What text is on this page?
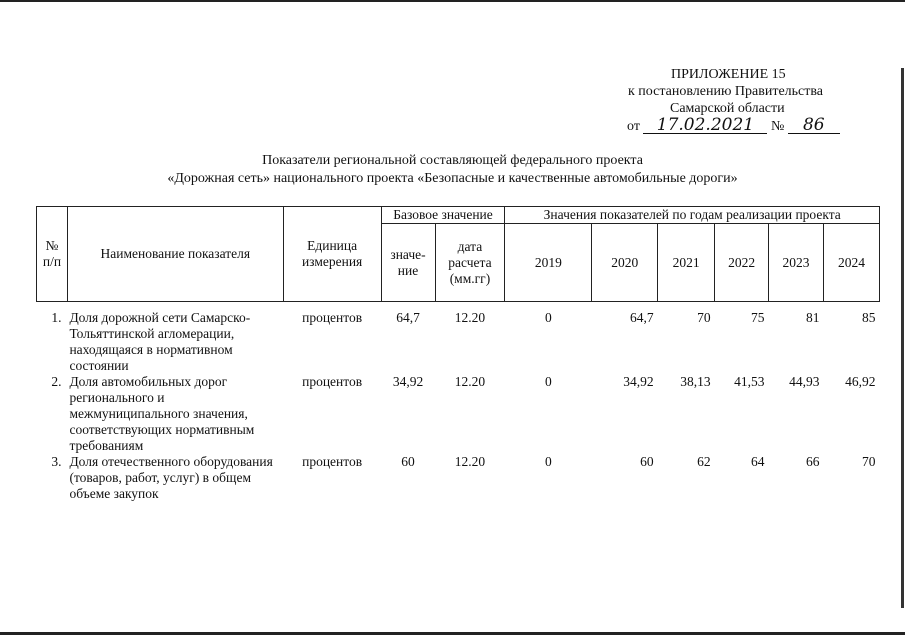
ПРИЛОЖЕНИЕ 15
к постановлению Правительства
Самарской области
от 17.02.2021 № 86
Показатели региональной составляющей федерального проекта
«Дорожная сеть» национального проекта «Безопасные и качественные автомобильные дороги»
№ п/п	Наименование показателя	Единица измерения	Базовое значение		Значения показателей по годам реализации проекта					
					2019	2020	2021	2022	2023	2024
			значе-ние	дата расчета (мм.гг)						
1.	Доля дорожной сети Самарско-Тольяттинской агломерации, находящаяся в нормативном состоянии	процентов	64,7	12.20	0	64,7	70	75	81	85
2.	Доля автомобильных дорог регионального и межмуниципального значения, соответствующих нормативным требованиям	процентов	34,92	12.20	0	34,92	38,13	41,53	44,93	46,92
3.	Доля отечественного оборудования (товаров, работ, услуг) в общем объеме закупок	процентов	60	12.20	0	60	62	64	66	70
